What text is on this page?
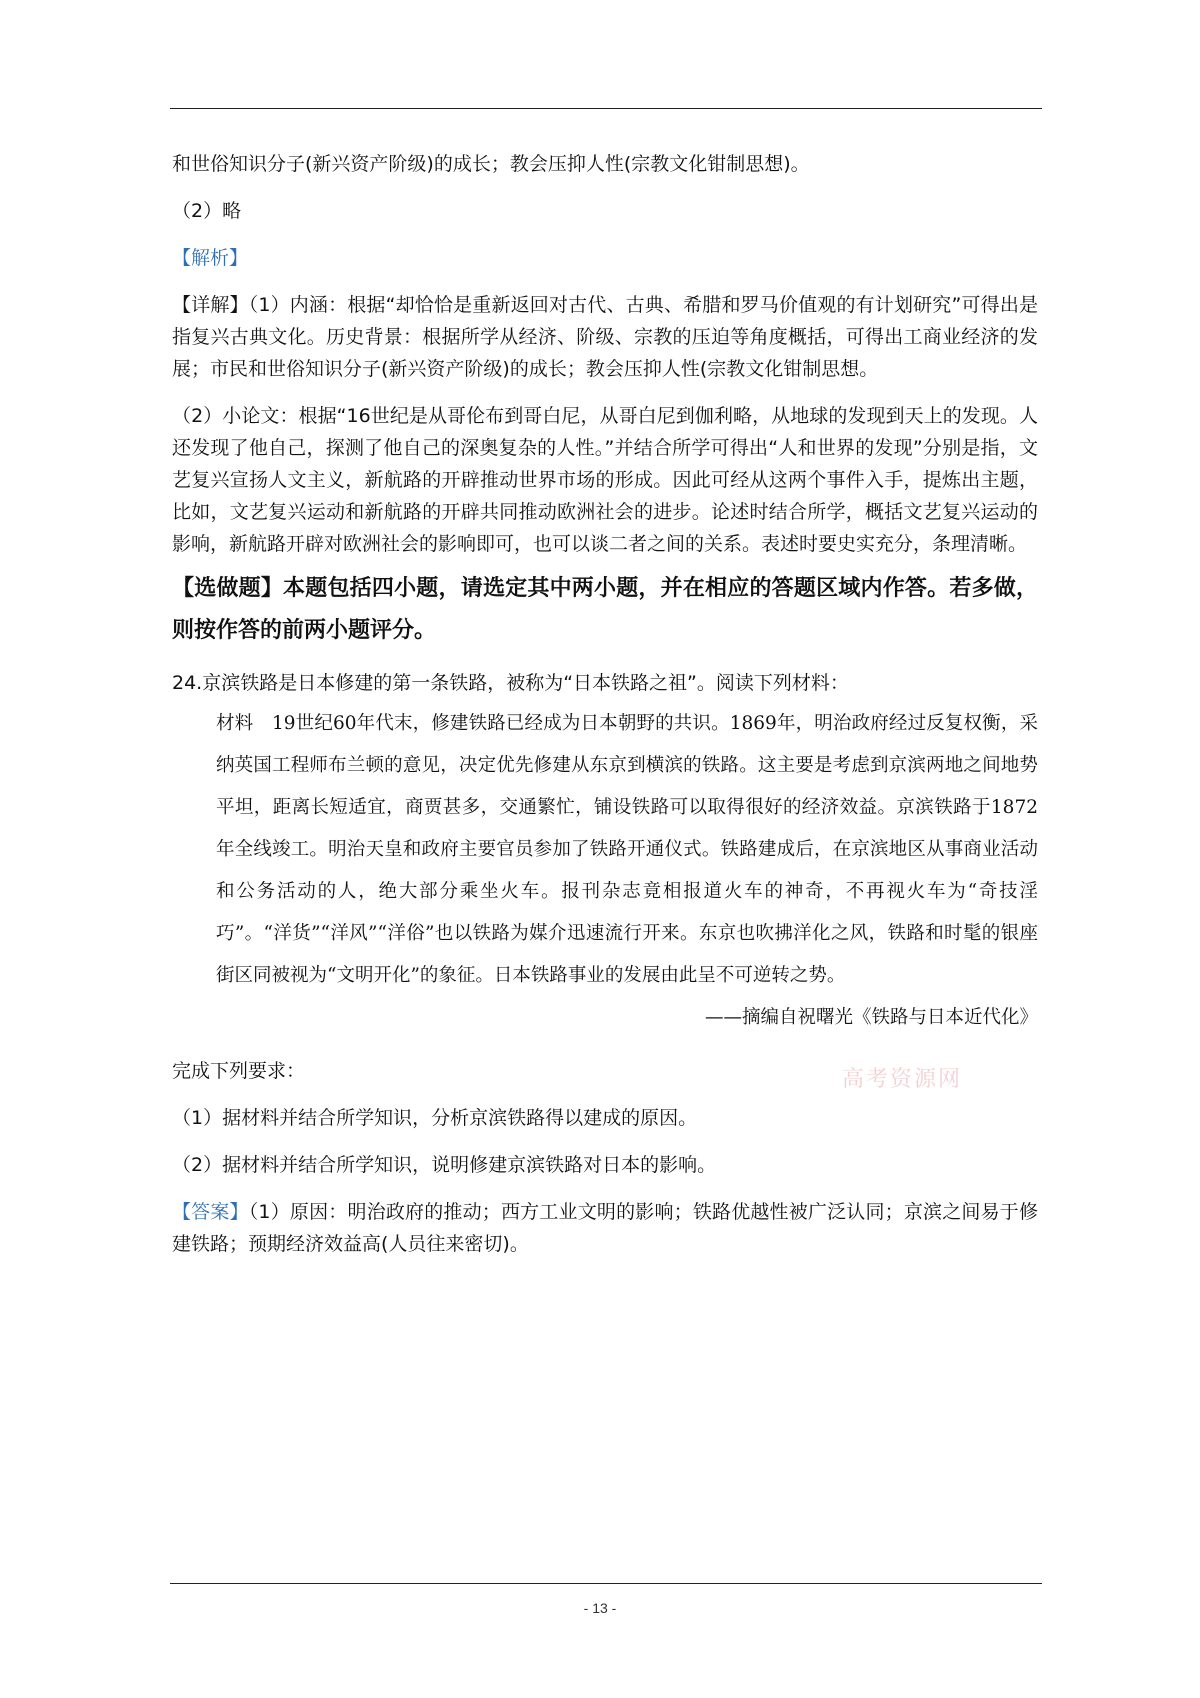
和世俗知识分子(新兴资产阶级)的成长；教会压抑人性(宗教文化钳制思想)。

（2）略

【解析】

【详解】（1）内涵：根据“却恰恰是重新返回对古代、古典、希腊和罗马价值观的有计划研究”可得出是指复兴古典文化。历史背景：根据所学从经济、阶级、宗教的压迫等角度概括，可得出工商业经济的发展；市民和世俗知识分子(新兴资产阶级)的成长；教会压抑人性(宗教文化钳制思想。

（2）小论文：根据“16世纪是从哥伦布到哥白尼，从哥白尼到伽利略，从地球的发现到天上的发现。人还发现了他自己，探测了他自己的深奥复杂的人性。”并结合所学可得出“人和世界的发现”分别是指，文艺复兴宣扬人文主义，新航路的开辟推动世界市场的形成。因此可经从这两个事件入手，提炼出主题，比如，文艺复兴运动和新航路的开辟共同推动欧洲社会的进步。论述时结合所学，概括文艺复兴运动的影响，新航路开辟对欧洲社会的影响即可，也可以谈二者之间的关系。表述时要史实充分，条理清晰。

【选做题】本题包括四小题，请选定其中两小题，并在相应的答题区域内作答。若多做，则按作答的前两小题评分。

24.京滨铁路是日本修建的第一条铁路，被称为“日本铁路之祖”。阅读下列材料：

材料　19世纪60年代末，修建铁路已经成为日本朝野的共识。1869年，明治政府经过反复权衡，采纳英国工程师布兰顿的意见，决定优先修建从东京到横滨的铁路。这主要是考虑到京滨两地之间地势平坦，距离长短适宜，商贾甚多，交通繁忙，铺设铁路可以取得很好的经济效益。京滨铁路于1872年全线竣工。明治天皇和政府主要官员参加了铁路开通仪式。铁路建成后，在京滨地区从事商业活动和公务活动的人，绝大部分乘坐火车。报刊杂志竟相报道火车的神奇，不再视火车为“奇技淫巧”。“洋货”“洋风”“洋俗”也以铁路为媒介迅速流行开来。东京也吹拂洋化之风，铁路和时髦的银座街区同被视为“文明开化”的象征。日本铁路事业的发展由此呈不可逆转之势。
——摘编自祝曙光《铁路与日本近代化》

完成下列要求：

（1）据材料并结合所学知识，分析京滨铁路得以建成的原因。

（2）据材料并结合所学知识，说明修建京滨铁路对日本的影响。

【答案】（1）原因：明治政府的推动；西方工业文明的影响；铁路优越性被广泛认同；京滨之间易于修建铁路；预期经济效益高(人员往来密切)。

高考资源网
- 13 -
